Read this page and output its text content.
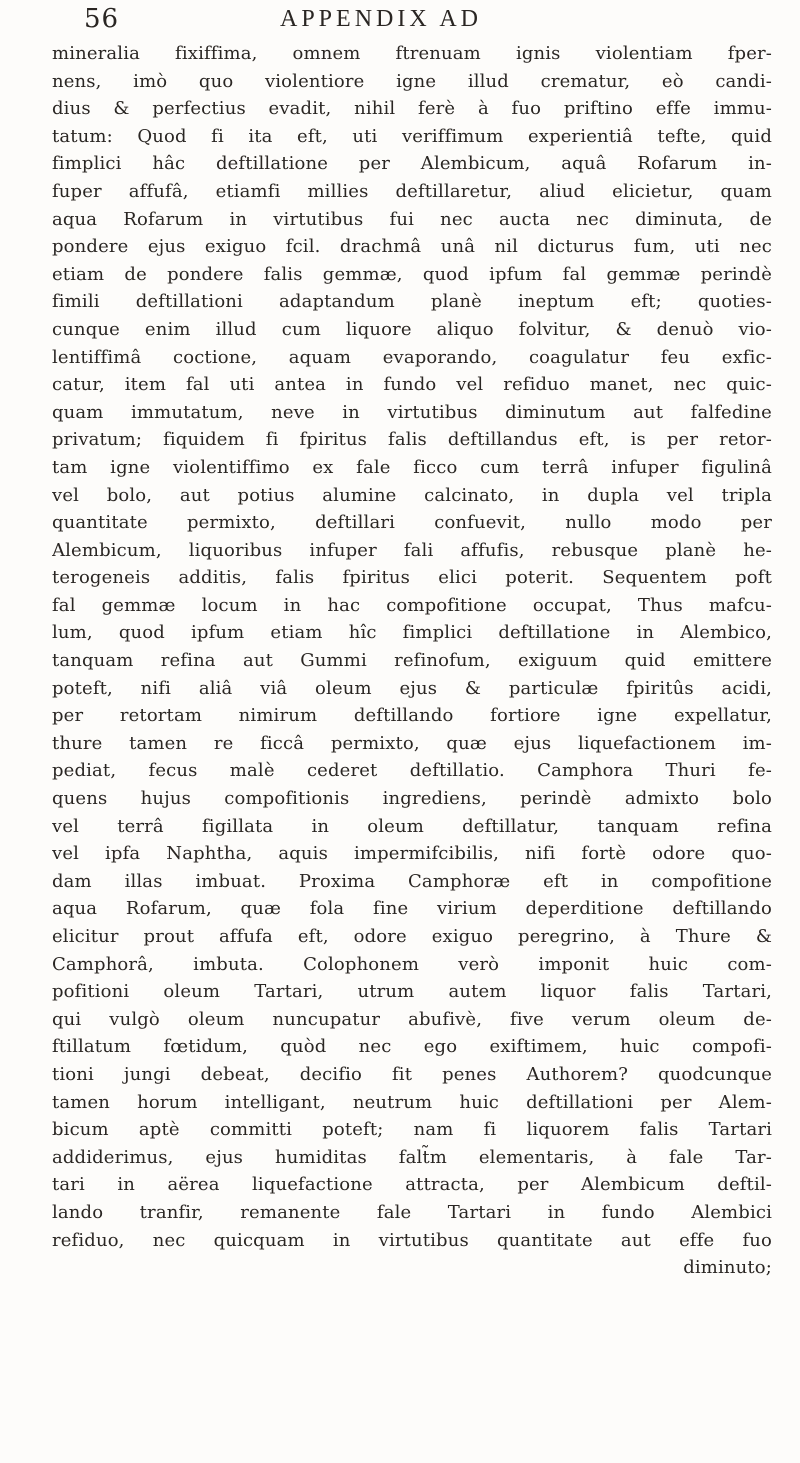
56	APPENDIX AD
mineralia fixiffima, omnem ftrenuam ignis violentiam fper-
nens, imò quo violentiore igne illud crematur, eò candi-
dius & perfectius evadit, nihil ferè à fuo priftino effe immu-
tatum: Quod fi ita eft, uti veriffimum experientiâ tefte, quid
fimplici hâc deftillatione per Alembicum, aquâ Rofarum in-
fuper affufâ, etiamfi millies deftillaretur, aliud elicietur, quam
aqua Rofarum in virtutibus fui nec aucta nec diminuta, de
pondere ejus exiguo fcil. drachmâ unâ nil dicturus fum, uti nec
etiam de pondere falis gemmæ, quod ipfum fal gemmæ perindè
fimili deftillationi adaptandum planè ineptum eft; quoties-
cunque enim illud cum liquore aliquo folvitur, & denuò vio-
lentiffimâ coctione, aquam evaporando, coagulatur feu exfic-
catur, item fal uti antea in fundo vel refiduo manet, nec quic-
quam immutatum, neve in virtutibus diminutum aut falfedine
privatum; fiquidem fi fpiritus falis deftillandus eft, is per retor-
tam igne violentiffimo ex fale ficco cum terrâ infuper figulinâ
vel bolo, aut potius alumine calcinato, in dupla vel tripla
quantitate permixto, deftillari confuevit, nullo modo per
Alembicum, liquoribus infuper fali affufis, rebusque planè he-
terogeneis additis, falis fpiritus elici poterit. Sequentem poft
fal gemmæ locum in hac compofitione occupat, Thus mafcu-
lum, quod ipfum etiam hîc fimplici deftillatione in Alembico,
tanquam refina aut Gummi refinofum, exiguum quid emittere
poteft, nifi aliâ viâ oleum ejus & particulæ fpiritûs acidi,
per retortam nimirum deftillando fortiore igne expellatur,
thure tamen re ficcâ permixto, quæ ejus liquefactionem im-
pediat, fecus malè cederet deftillatio. Camphora Thuri fe-
quens hujus compofitionis ingrediens, perindè admixto bolo
vel terrâ figillata in oleum deftillatur, tanquam refina
vel ipfa Naphtha, aquis impermifcibilis, nifi fortè odore quo-
dam illas imbuat. Proxima Camphoræ eft in compofitione
aqua Rofarum, quæ fola fine virium deperditione deftillando
elicitur prout affufa eft, odore exiguo peregrino, à Thure &
Camphorâ, imbuta. Colophonem verò imponit huic com-
pofitioni oleum Tartari, utrum autem liquor falis Tartari,
qui vulgò oleum nuncupatur abufivè, five verum oleum de-
ftillatum fœtidum, quòd nec ego exiftimem, huic compofi-
tioni jungi debeat, decifio fit penes Authorem? quodcunque
tamen horum intelligant, neutrum huic deftillationi per Alem-
bicum aptè committi poteft; nam fi liquorem falis Tartari
addiderimus, ejus humiditas falt̃m elementaris, à fale Tar-
tari in aërea liquefactione attracta, per Alembicum deftil-
lando tranfir, remanente fale Tartari in fundo Alembici
refiduo, nec quicquam in virtutibus quantitate aut effe fuo
diminuto;
